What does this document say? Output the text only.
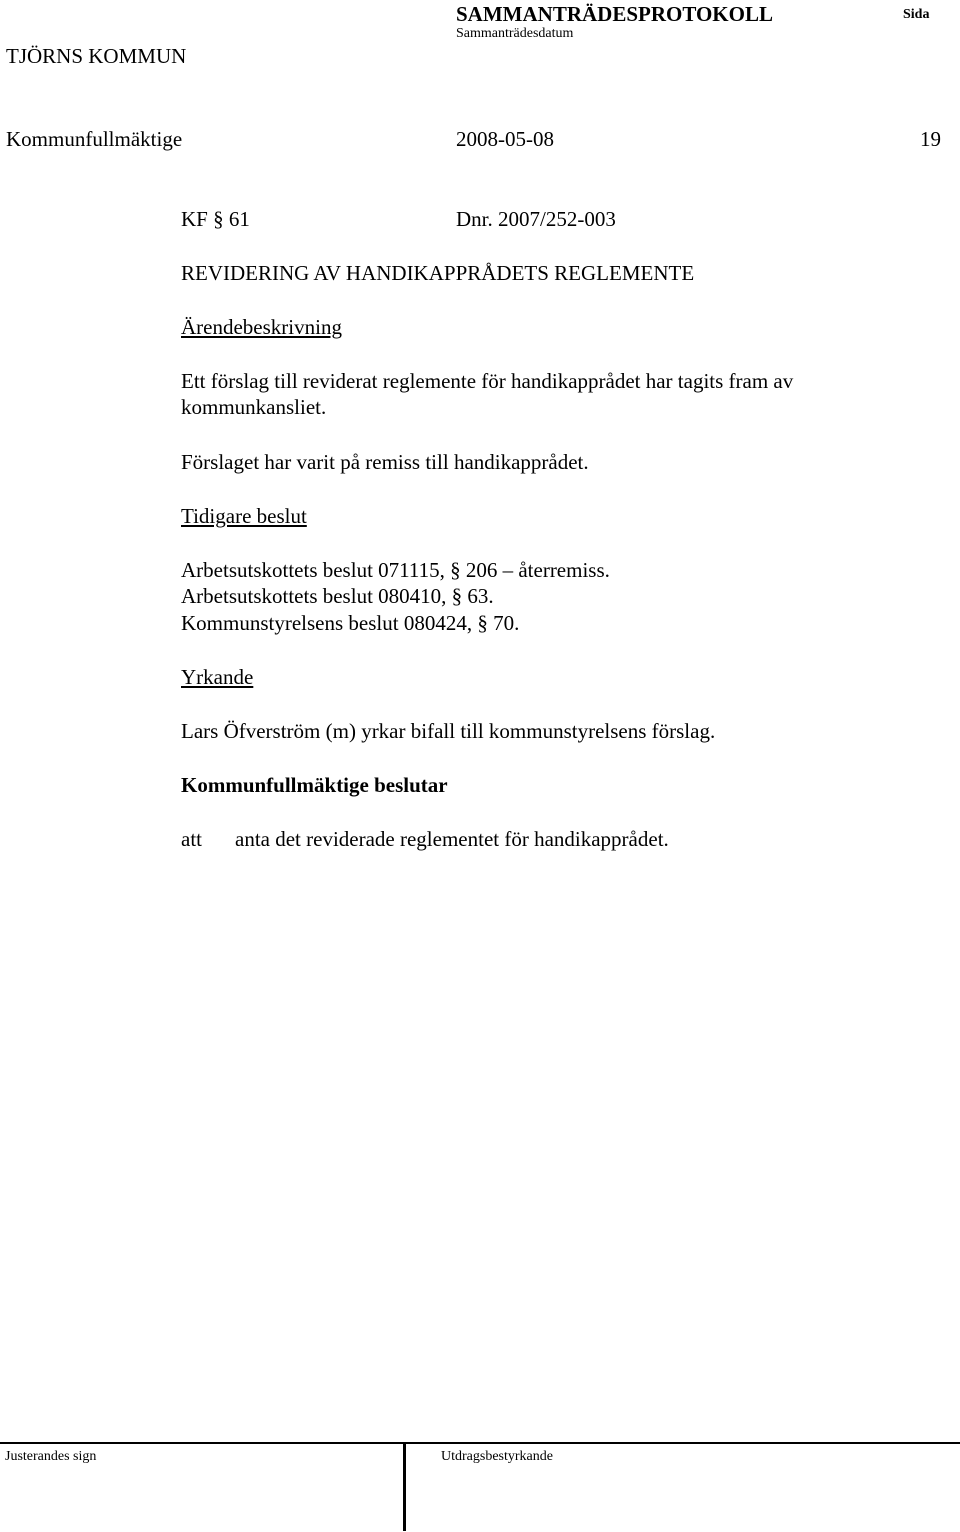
TJÖRNS KOMMUN
SAMMANTRÄDESPROTOKOLL
Sammanträdesdatum
Sida
Kommunfullmäktige	2008-05-08	19
KF § 61	Dnr. 2007/252-003
REVIDERING AV HANDIKAPPRÅDETS REGLEMENTE
Ärendebeskrivning
Ett förslag till reviderat reglemente för handikapprådet har tagits fram av
kommunkansliet.
Förslaget har varit på remiss till handikapprådet.
Tidigare beslut
Arbetsutskottets beslut 071115, § 206 – återremiss.
Arbetsutskottets beslut 080410, § 63.
Kommunstyrelsens beslut 080424, § 70.
Yrkande
Lars Öfverström (m) yrkar bifall till kommunstyrelsens förslag.
Kommunfullmäktige beslutar
att anta det reviderade reglementet för handikapprådet.
Justerandes sign	Utdragsbestyrkande
